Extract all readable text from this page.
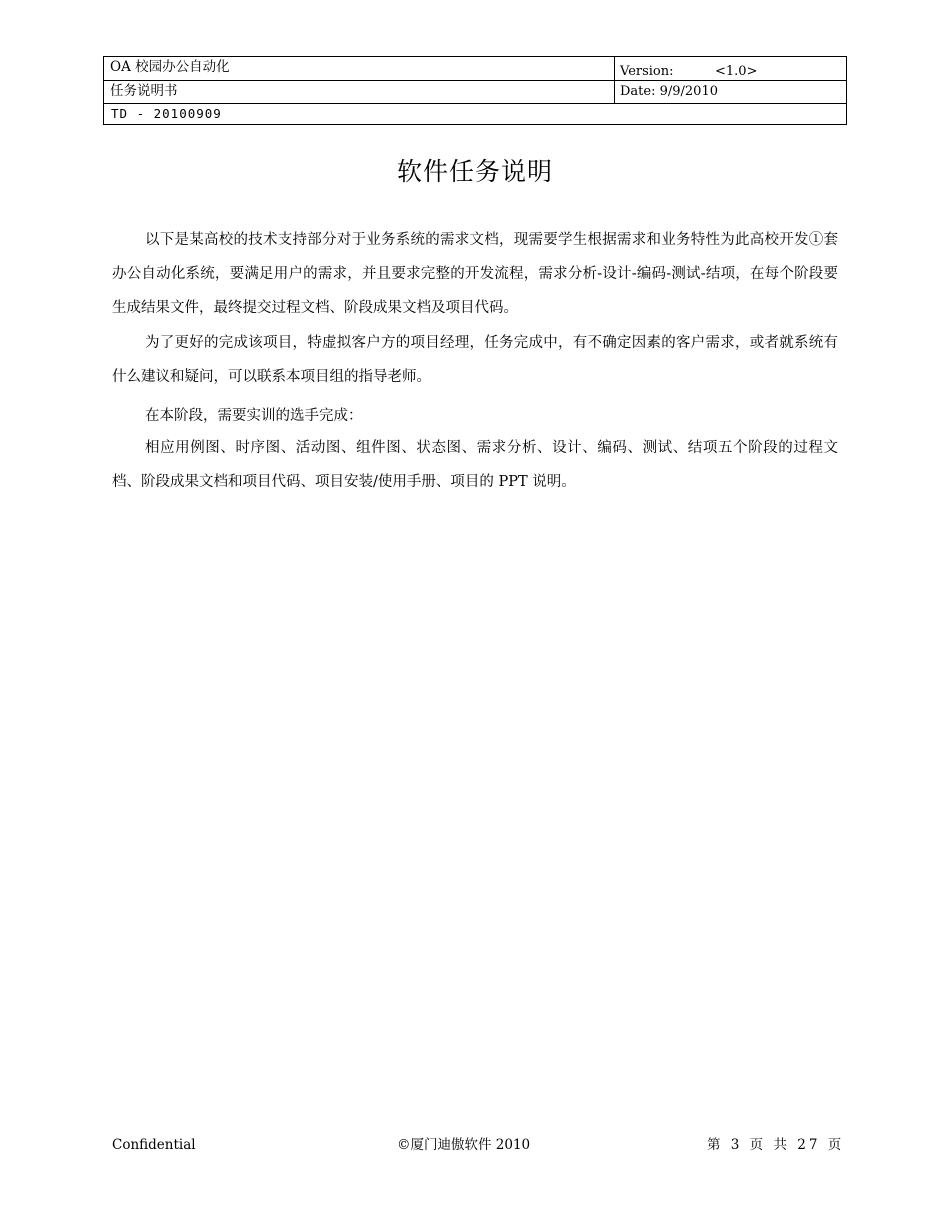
OA 校园办公自动化	Version:	<1.0>
任务说明书	Date: 9/9/2010
TD - 20100909
软件任务说明

以下是某高校的技术支持部分对于业务系统的需求文档，现需要学生根据需求和业务特性为此高校开发①套办公自动化系统，要满足用户的需求，并且要求完整的开发流程，需求分析-设计-编码-测试-结项，在每个阶段要生成结果文件，最终提交过程文档、阶段成果文档及项目代码。

为了更好的完成该项目，特虚拟客户方的项目经理，任务完成中，有不确定因素的客户需求，或者就系统有什么建议和疑问，可以联系本项目组的指导老师。

在本阶段，需要实训的选手完成：

相应用例图、时序图、活动图、组件图、状态图、需求分析、设计、编码、测试、结项五个阶段的过程文档、阶段成果文档和项目代码、项目安装/使用手册、项目的 PPT 说明。

Confidential	©厦门迪傲软件 2010	第 3 页 共 27 页
